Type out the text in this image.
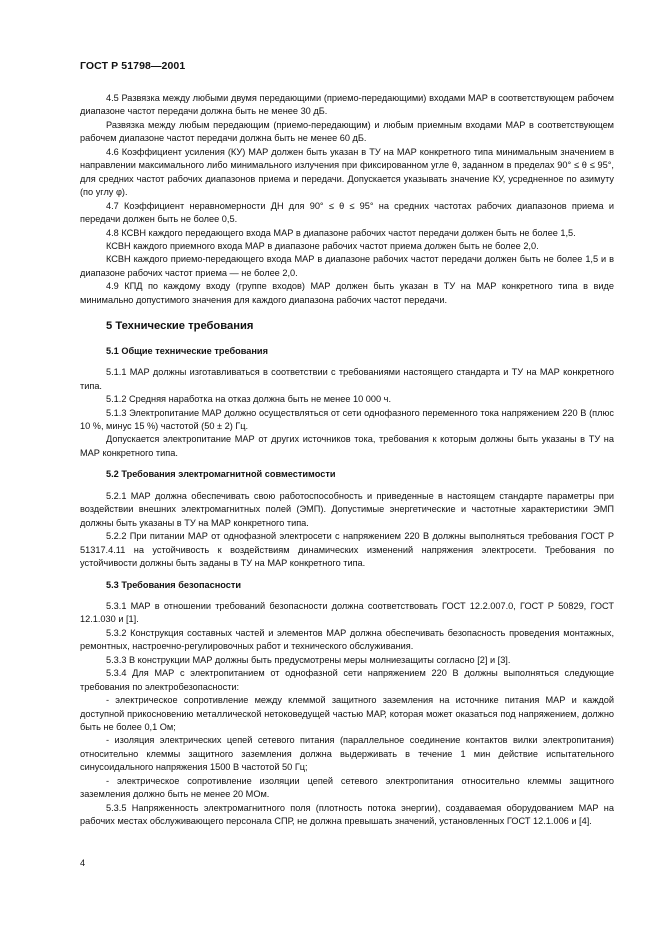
ГОСТ Р 51798—2001

4.5 Развязка между любыми двумя передающими (приемо-передающими) входами МАР в соответствующем рабочем диапазоне частот передачи должна быть не менее 30 дБ.

Развязка между любым передающим (приемо-передающим) и любым приемным входами МАР в соответствующем рабочем диапазоне частот передачи должна быть не менее 60 дБ.

4.6 Коэффициент усиления (КУ) МАР должен быть указан в ТУ на МАР конкретного типа минимальным значением в направлении максимального либо минимального излучения при фиксированном угле θ, заданном в пределах 90° ≤ θ ≤ 95°, для средних частот рабочих диапазонов приема и передачи. Допускается указывать значение КУ, усредненное по азимуту (по углу φ).

4.7 Коэффициент неравномерности ДН для 90° ≤ θ ≤ 95° на средних частотах рабочих диапазонов приема и передачи должен быть не более 0,5.

4.8 КСВН каждого передающего входа МАР в диапазоне рабочих частот передачи должен быть не более 1,5.

КСВН каждого приемного входа МАР в диапазоне рабочих частот приема должен быть не более 2,0.

КСВН каждого приемо-передающего входа МАР в диапазоне рабочих частот передачи должен быть не более 1,5 и в диапазоне рабочих частот приема — не более 2,0.

4.9 КПД по каждому входу (группе входов) МАР должен быть указан в ТУ на МАР конкретного типа в виде минимально допустимого значения для каждого диапазона рабочих частот передачи.

5 Технические требования

5.1 Общие технические требования

5.1.1 МАР должны изготавливаться в соответствии с требованиями настоящего стандарта и ТУ на МАР конкретного типа.

5.1.2 Средняя наработка на отказ должна быть не менее 10 000 ч.

5.1.3 Электропитание МАР должно осуществляться от сети однофазного переменного тока напряжением 220 В (плюс 10 %, минус 15 %) частотой (50 ± 2) Гц.

Допускается электропитание МАР от других источников тока, требования к которым должны быть указаны в ТУ на МАР конкретного типа.

5.2 Требования электромагнитной совместимости

5.2.1 МАР должна обеспечивать свою работоспособность и приведенные в настоящем стандарте параметры при воздействии внешних электромагнитных полей (ЭМП). Допустимые энергетические и частотные характеристики ЭМП должны быть указаны в ТУ на МАР конкретного типа.

5.2.2 При питании МАР от однофазной электросети с напряжением 220 В должны выполняться требования ГОСТ Р 51317.4.11 на устойчивость к воздействиям динамических изменений напряжения электросети. Требования по устойчивости должны быть заданы в ТУ на МАР конкретного типа.

5.3 Требования безопасности

5.3.1 МАР в отношении требований безопасности должна соответствовать ГОСТ 12.2.007.0, ГОСТ Р 50829, ГОСТ 12.1.030 и [1].

5.3.2 Конструкция составных частей и элементов МАР должна обеспечивать безопасность проведения монтажных, ремонтных, настроечно-регулировочных работ и технического обслуживания.

5.3.3 В конструкции МАР должны быть предусмотрены меры молниезащиты согласно [2] и [3].

5.3.4 Для МАР с электропитанием от однофазной сети напряжением 220 В должны выполняться следующие требования по электробезопасности:

- электрическое сопротивление между клеммой защитного заземления на источнике питания МАР и каждой доступной прикосновению металлической нетоковедущей частью МАР, которая может оказаться под напряжением, должно быть не более 0,1 Ом;

- изоляция электрических цепей сетевого питания (параллельное соединение контактов вилки электропитания) относительно клеммы защитного заземления должна выдерживать в течение 1 мин действие испытательного синусоидального напряжения 1500 В частотой 50 Гц;

- электрическое сопротивление изоляции цепей сетевого электропитания относительно клеммы защитного заземления должно быть не менее 20 МОм.

5.3.5 Напряженность электромагнитного поля (плотность потока энергии), создаваемая оборудованием МАР на рабочих местах обслуживающего персонала СПР, не должна превышать значений, установленных ГОСТ 12.1.006 и [4].

4
